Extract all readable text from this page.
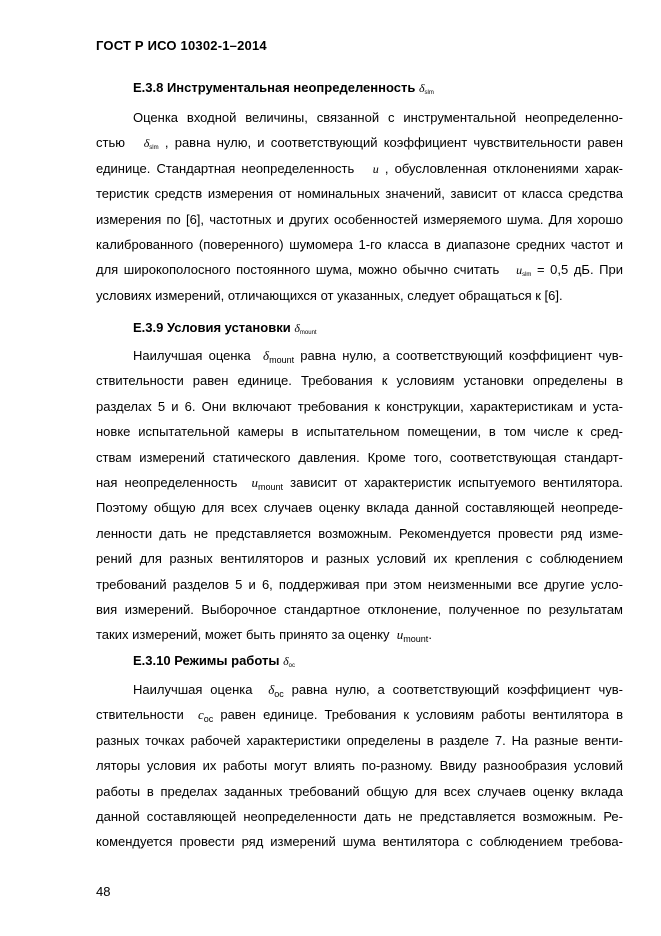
ГОСТ Р ИСО 10302-1–2014
Е.3.8 Инструментальная неопределенность $\delta_{slm}$
Оценка входной величины, связанной с инструментальной неопределенно-
стью $\delta_{slm}$ , равна нулю, и соответствующий коэффициент чувствительности равен
единице. Стандартная неопределенность u , обусловленная отклонениями харак-
теристик средств измерения от номинальных значений, зависит от класса средства
измерения по [6], частотных и других особенностей измеряемого шума. Для хорошо
калиброванного (поверенного) шумомера 1-го класса в диапазоне средних частот и
для широкополосного постоянного шума, можно обычно считать $u_{slm} = 0,5$ дБ. При
условиях измерений, отличающихся от указанных, следует обращаться к [6].
Е.3.9 Условия установки $\delta_{mount}$
Наилучшая оценка $\delta_{mount}$ равна нулю, а соответствующий коэффициент чув-
ствительности равен единице. Требования к условиям установки определены в
разделах 5 и 6. Они включают требования к конструкции, характеристикам и уста-
новке испытательной камеры в испытательном помещении, в том числе к сред-
ствам измерений статического давления. Кроме того, соответствующая стандарт-
ная неопределенность $u_{mount}$ зависит от характеристик испытуемого вентилятора.
Поэтому общую для всех случаев оценку вклада данной составляющей неопреде-
ленности дать не представляется возможным. Рекомендуется провести ряд изме-
рений для разных вентиляторов и разных условий их крепления с соблюдением
требований разделов 5 и 6, поддерживая при этом неизменными все другие усло-
вия измерений. Выборочное стандартное отклонение, полученное по результатам
таких измерений, может быть принято за оценку $u_{mount}$.
Е.3.10 Режимы работы $\delta_{oc}$
Наилучшая оценка $\delta_{oc}$ равна нулю, а соответствующий коэффициент чув-
ствительности $c_{oc}$ равен единице. Требования к условиям работы вентилятора в
разных точках рабочей характеристики определены в разделе 7. На разные венти-
ляторы условия их работы могут влиять по-разному. Ввиду разнообразия условий
работы в пределах заданных требований общую для всех случаев оценку вклада
данной составляющей неопределенности дать не представляется возможным. Ре-
комендуется провести ряд измерений шума вентилятора с соблюдением требова-
48
